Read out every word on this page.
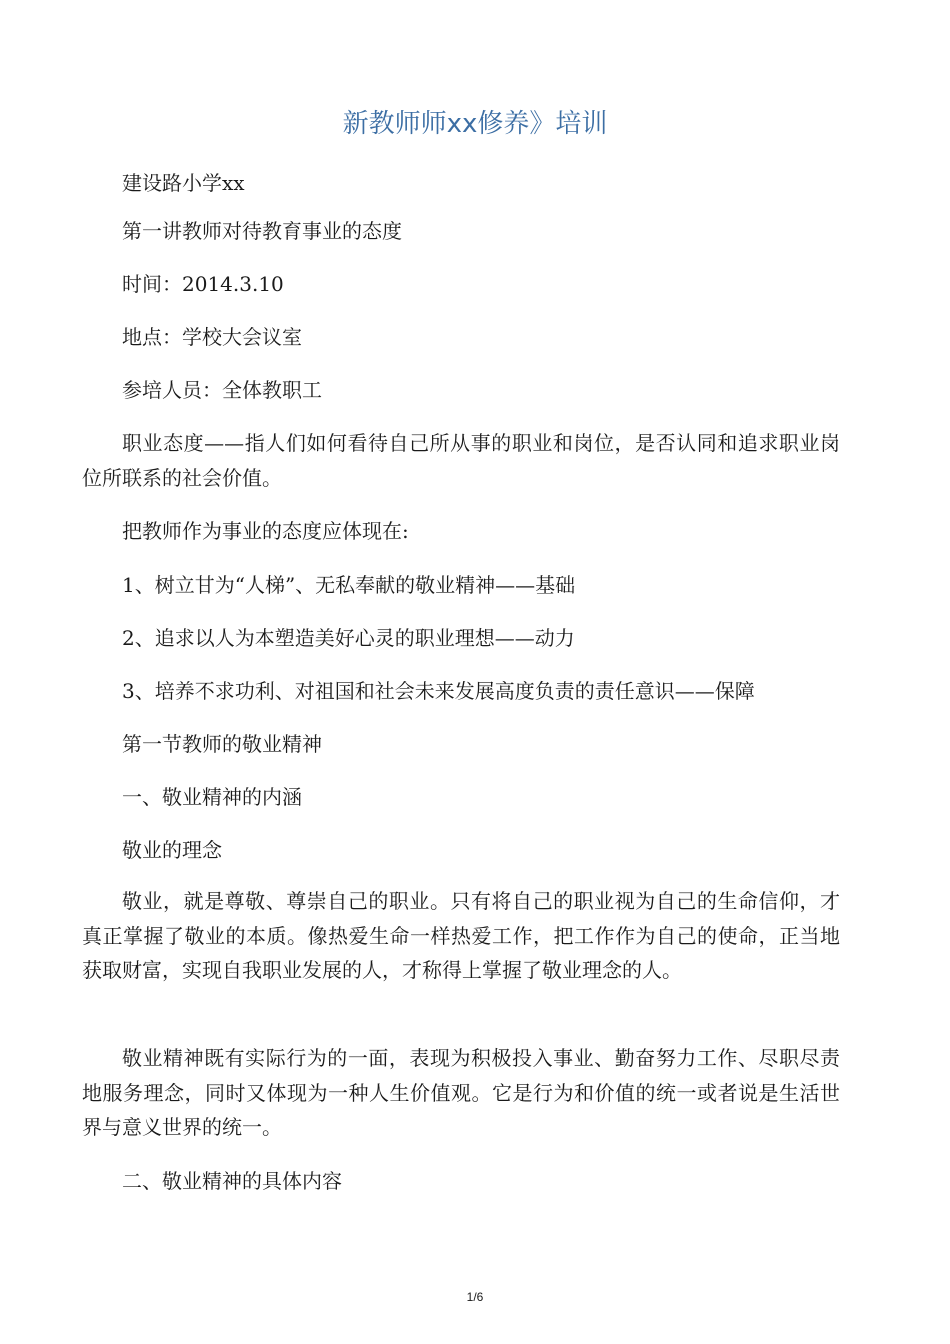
新教师师xx修养》培训

建设路小学xx

第一讲教师对待教育事业的态度

时间：2014.3.10

地点：学校大会议室

参培人员：全体教职工

职业态度——指人们如何看待自己所从事的职业和岗位，是否认同和追求职业岗位所联系的社会价值。

把教师作为事业的态度应体现在:

1、树立甘为“人梯”、无私奉献的敬业精神——基础

2、追求以人为本塑造美好心灵的职业理想——动力

3、培养不求功利、对祖国和社会未来发展高度负责的责任意识——保障

第一节教师的敬业精神

一、敬业精神的内涵

敬业的理念

敬业，就是尊敬、尊崇自己的职业。只有将自己的职业视为自己的生命信仰，才真正掌握了敬业的本质。像热爱生命一样热爱工作，把工作作为自己的使命，正当地获取财富，实现自我职业发展的人，才称得上掌握了敬业理念的人。

敬业精神既有实际行为的一面，表现为积极投入事业、勤奋努力工作、尽职尽责地服务理念，同时又体现为一种人生价值观。它是行为和价值的统一或者说是生活世界与意义世界的统一。

二、敬业精神的具体内容

1/6
